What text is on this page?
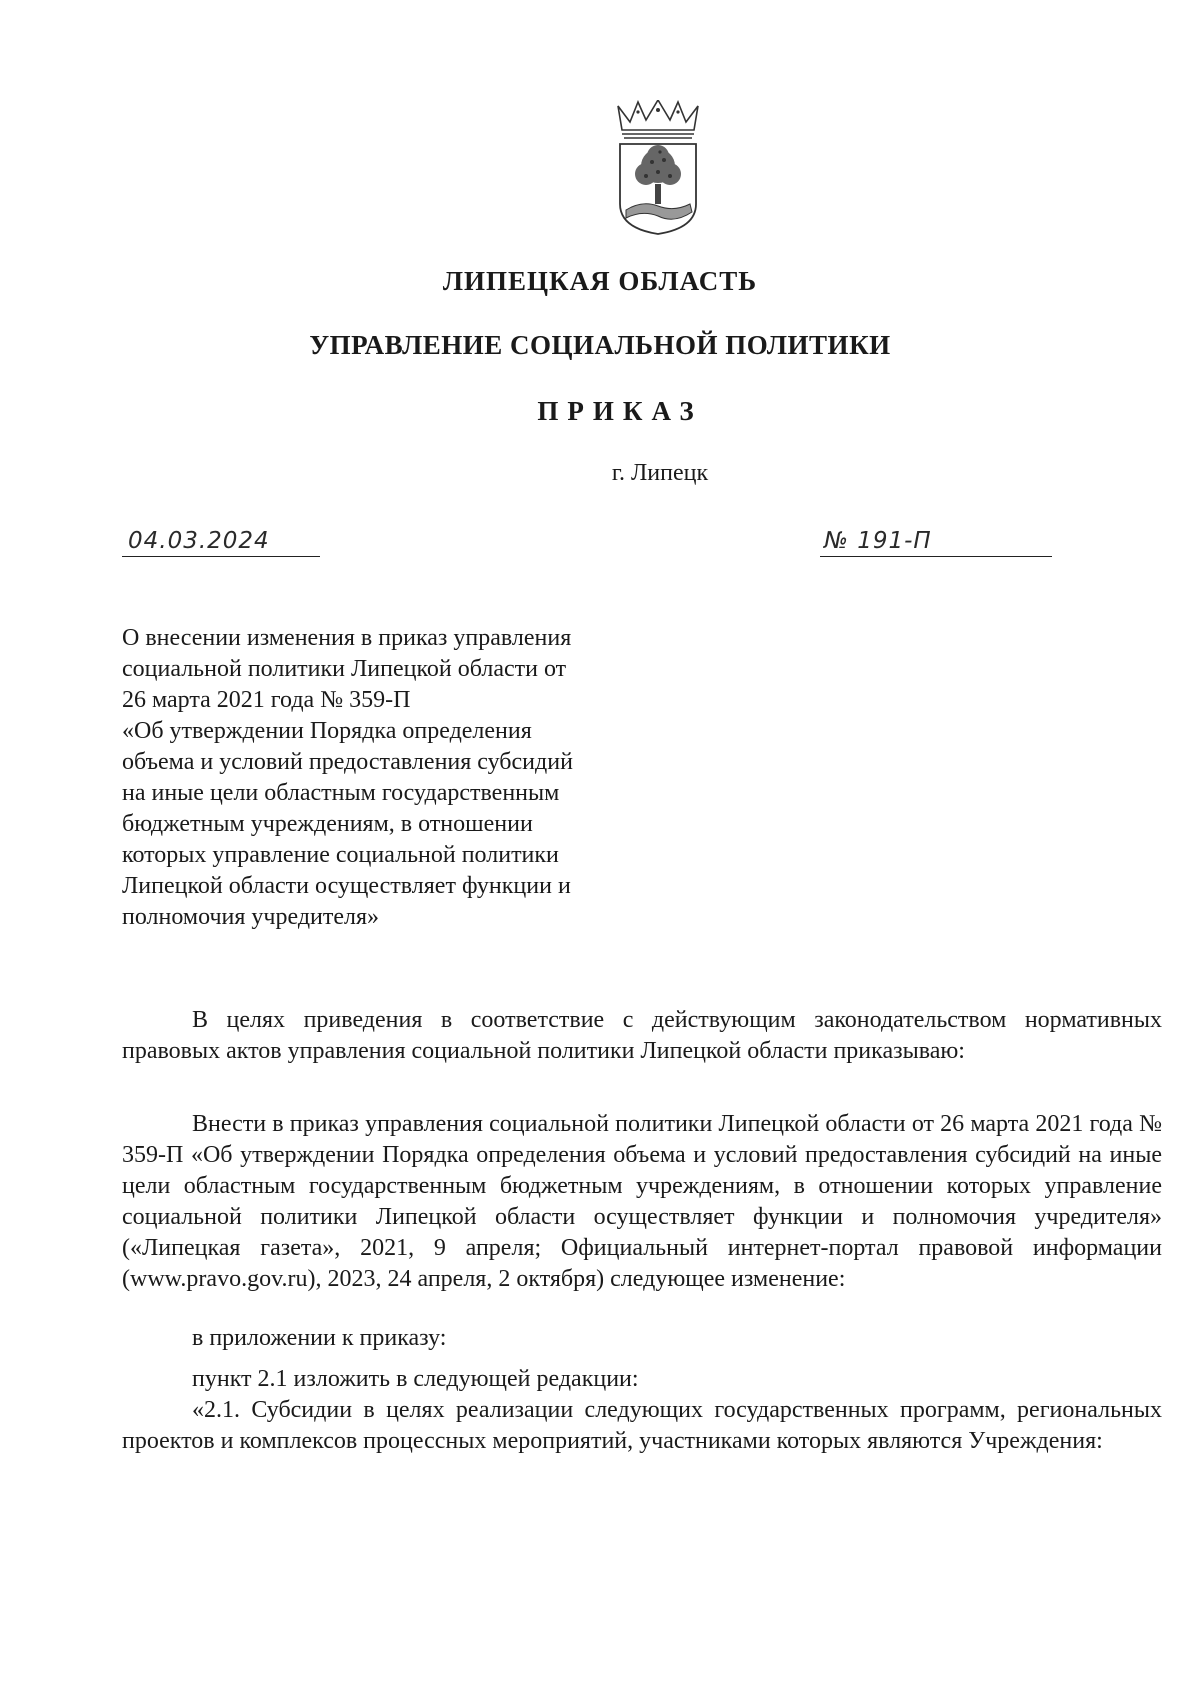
ЛИПЕЦКАЯ ОБЛАСТЬ
УПРАВЛЕНИЕ СОЦИАЛЬНОЙ ПОЛИТИКИ
ПРИКАЗ
г. Липецк
04.03.2024	№ 191-П
О внесении изменения в приказ управления
социальной политики Липецкой области от
26 марта 2021 года № 359-П
«Об утверждении Порядка определения
объема и условий предоставления субсидий
на иные цели областным государственным
бюджетным учреждениям, в отношении
которых управление социальной политики
Липецкой области осуществляет функции и
полномочия учредителя»

В целях приведения в соответствие с действующим законодательством нормативных правовых актов управления социальной политики Липецкой области приказываю:

Внести в приказ управления социальной политики Липецкой области от 26 марта 2021 года № 359-П «Об утверждении Порядка определения объема и условий предоставления субсидий на иные цели областным государственным бюджетным учреждениям, в отношении которых управление социальной политики Липецкой области осуществляет функции и полномочия учредителя» («Липецкая газета», 2021, 9 апреля; Официальный интернет-портал правовой информации (www.pravo.gov.ru), 2023, 24 апреля, 2 октября) следующее изменение:

в приложении к приказу:

пункт 2.1 изложить в следующей редакции:

«2.1. Субсидии в целях реализации следующих государственных программ, региональных проектов и комплексов процессных мероприятий, участниками которых являются Учреждения:
